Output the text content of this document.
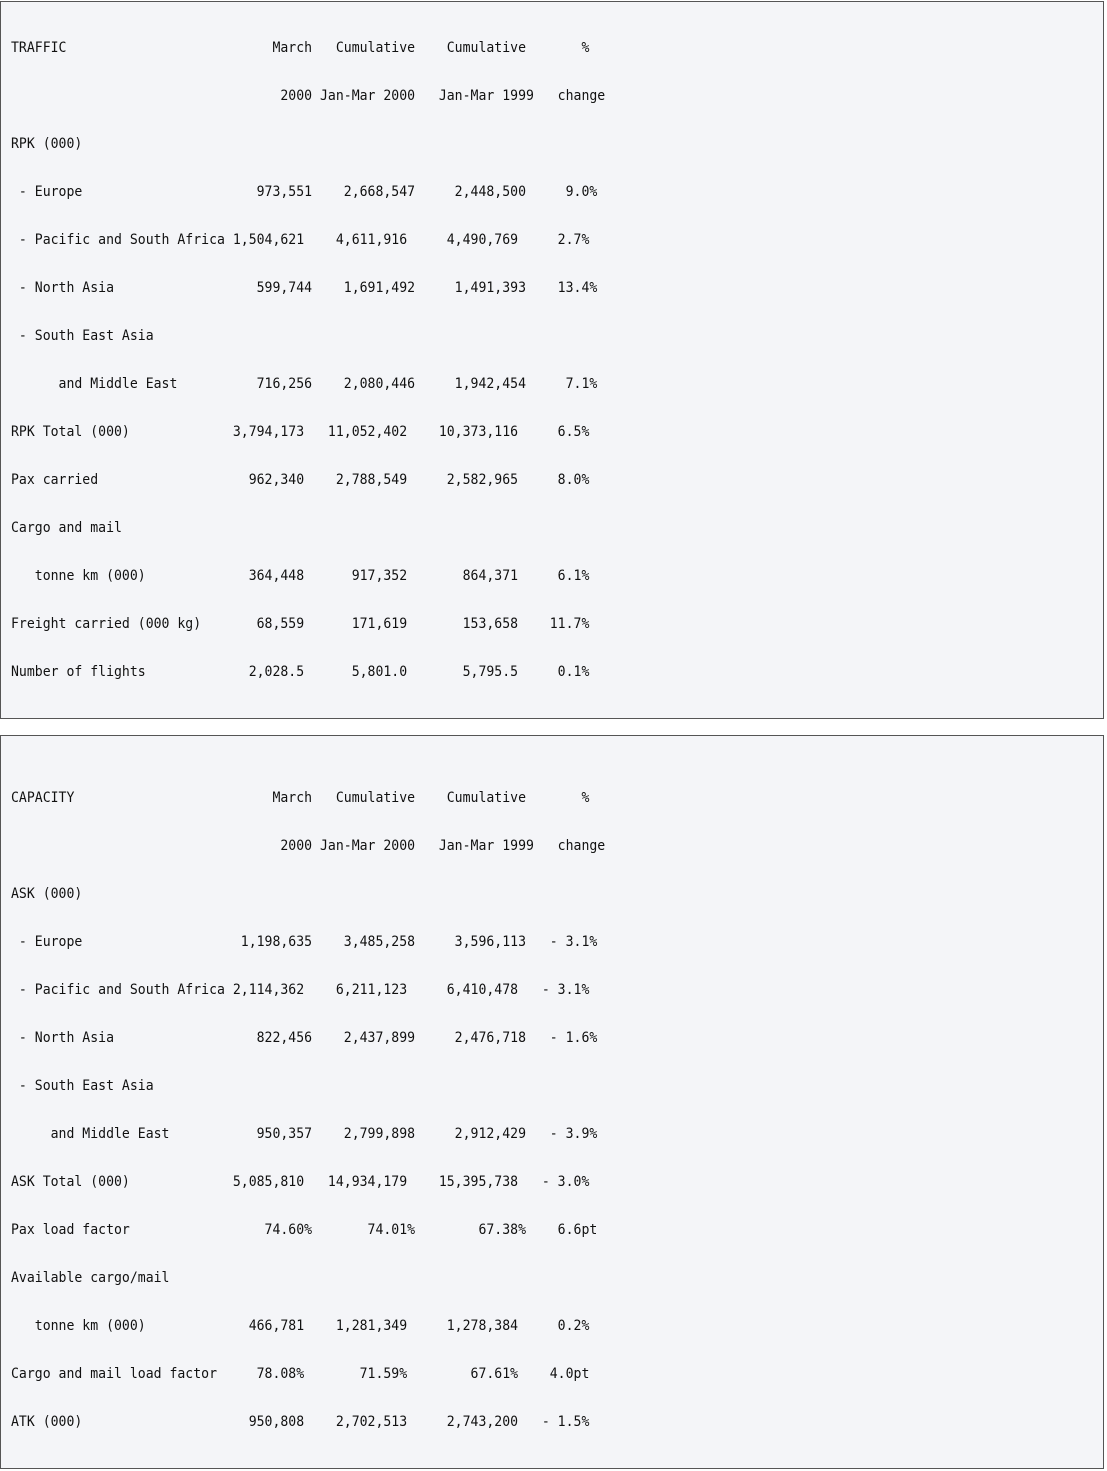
TRAFFIC                          March   Cumulative    Cumulative       %
2000 Jan-Mar 2000   Jan-Mar 1999   change
RPK (000)
- Europe                      973,551    2,668,547     2,448,500     9.0%
- Pacific and South Africa 1,504,621    4,611,916     4,490,769     2.7%
- North Asia                  599,744    1,691,492     1,491,393    13.4%
- South East Asia
and Middle East          716,256    2,080,446     1,942,454     7.1%
RPK Total (000)             3,794,173   11,052,402    10,373,116     6.5%
Pax carried                   962,340    2,788,549     2,582,965     8.0%
Cargo and mail
tonne km (000)             364,448      917,352       864,371     6.1%
Freight carried (000 kg)       68,559      171,619       153,658    11.7%
Number of flights             2,028.5      5,801.0       5,795.5     0.1%
CAPACITY                         March   Cumulative    Cumulative       %
2000 Jan-Mar 2000   Jan-Mar 1999   change
ASK (000)
- Europe                    1,198,635    3,485,258     3,596,113   - 3.1%
- Pacific and South Africa 2,114,362    6,211,123     6,410,478   - 3.1%
- North Asia                  822,456    2,437,899     2,476,718   - 1.6%
- South East Asia
and Middle East           950,357    2,799,898     2,912,429   - 3.9%
ASK Total (000)             5,085,810   14,934,179    15,395,738   - 3.0%
Pax load factor                 74.60%       74.01%        67.38%    6.6pt
Available cargo/mail
tonne km (000)             466,781    1,281,349     1,278,384     0.2%
Cargo and mail load factor     78.08%       71.59%        67.61%    4.0pt
ATK (000)                     950,808    2,702,513     2,743,200   - 1.5%
